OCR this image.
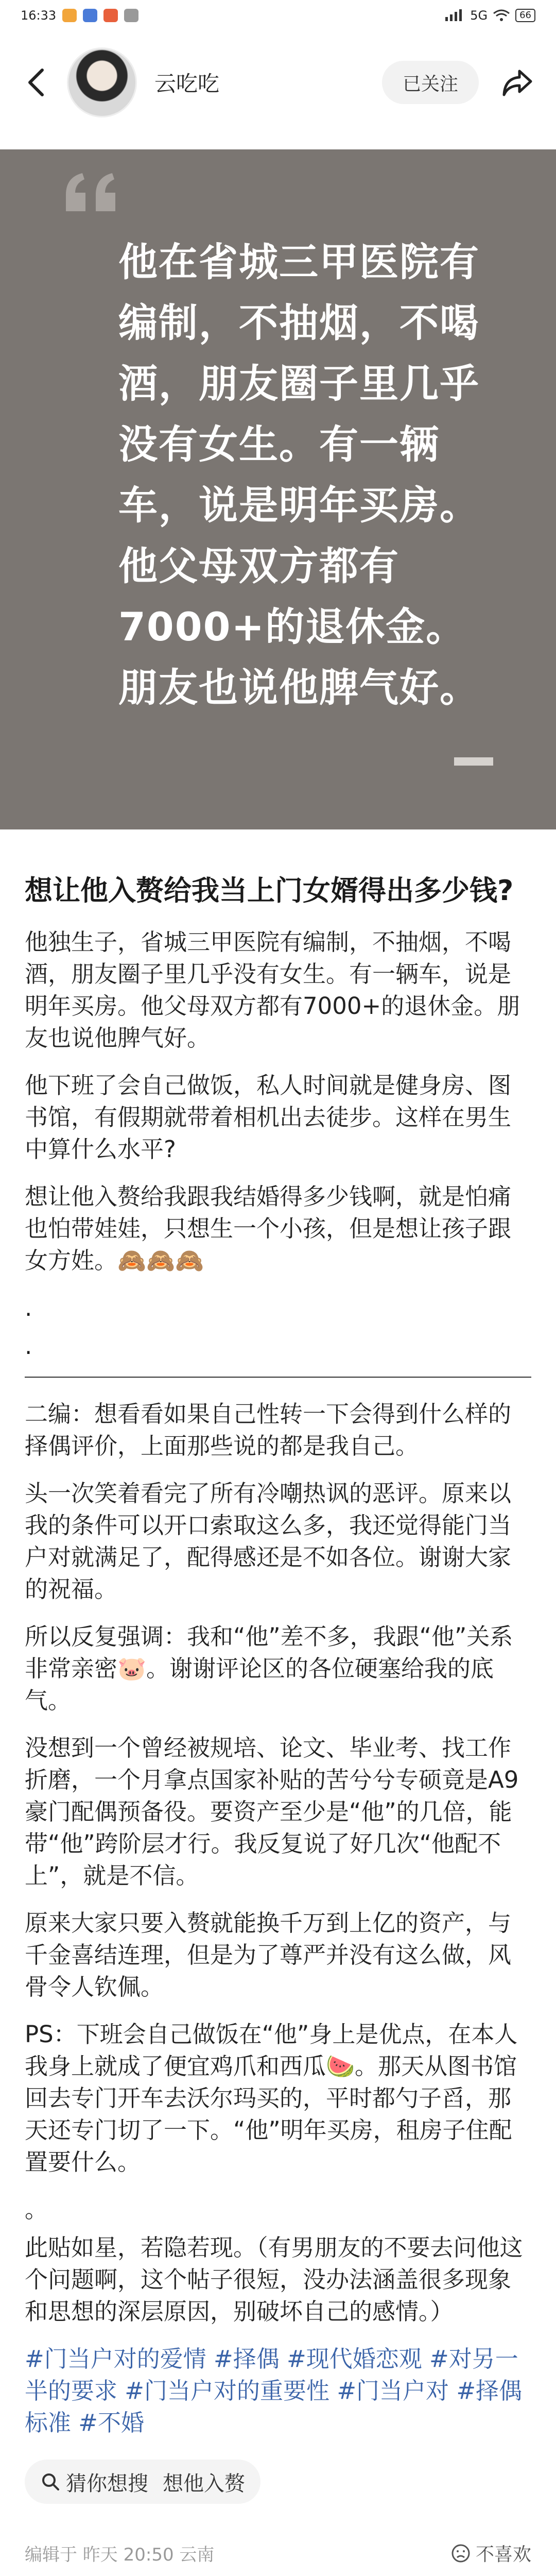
16:33	5G	66
云吃吃	已关注
他在省城三甲医院有编制，不抽烟，不喝酒，朋友圈子里几乎没有女生。有一辆车，说是明年买房。他父母双方都有7000+的退休金。朋友也说他脾气好。
想让他入赘给我当上门女婿得出多少钱?
他独生子，省城三甲医院有编制，不抽烟，不喝酒，朋友圈子里几乎没有女生。有一辆车，说是明年买房。他父母双方都有7000+的退休金。朋友也说他脾气好。
他下班了会自己做饭，私人时间就是健身房、图书馆，有假期就带着相机出去徒步。这样在男生中算什么水平?
想让他入赘给我跟我结婚得多少钱啊，就是怕痛也怕带娃娃，只想生一个小孩，但是想让孩子跟女方姓。🙈🙈🙈
.
.
二编：想看看如果自己性转一下会得到什么样的择偶评价，上面那些说的都是我自己。
头一次笑着看完了所有冷嘲热讽的恶评。原来以我的条件可以开口索取这么多，我还觉得能门当户对就满足了，配得感还是不如各位。谢谢大家的祝福。
所以反复强调：我和“他”差不多，我跟“他”关系非常亲密🐷。谢谢评论区的各位硬塞给我的底气。
没想到一个曾经被规培、论文、毕业考、找工作折磨，一个月拿点国家补贴的苦兮兮专硕竟是A9豪门配偶预备役。要资产至少是“他”的几倍，能带“他”跨阶层才行。我反复说了好几次“他配不上”，就是不信。
原来大家只要入赘就能换千万到上亿的资产，与千金喜结连理，但是为了尊严并没有这么做，风骨令人钦佩。
PS：下班会自己做饭在“他”身上是优点，在本人我身上就成了便宜鸡爪和西瓜🍉。那天从图书馆回去专门开车去沃尔玛买的，平时都勺子舀，那天还专门切了一下。“他”明年买房，租房子住配置要什么。
。
此贴如星，若隐若现。（有男朋友的不要去问他这个问题啊，这个帖子很短，没办法涵盖很多现象和思想的深层原因，别破坏自己的感情。）
#门当户对的爱情 #择偶 #现代婚恋观 #对另一半的要求 #门当户对的重要性 #门当户对 #择偶标准 #不婚
猜你想搜 想他入赘
编辑于 昨天 20:50 云南	不喜欢
